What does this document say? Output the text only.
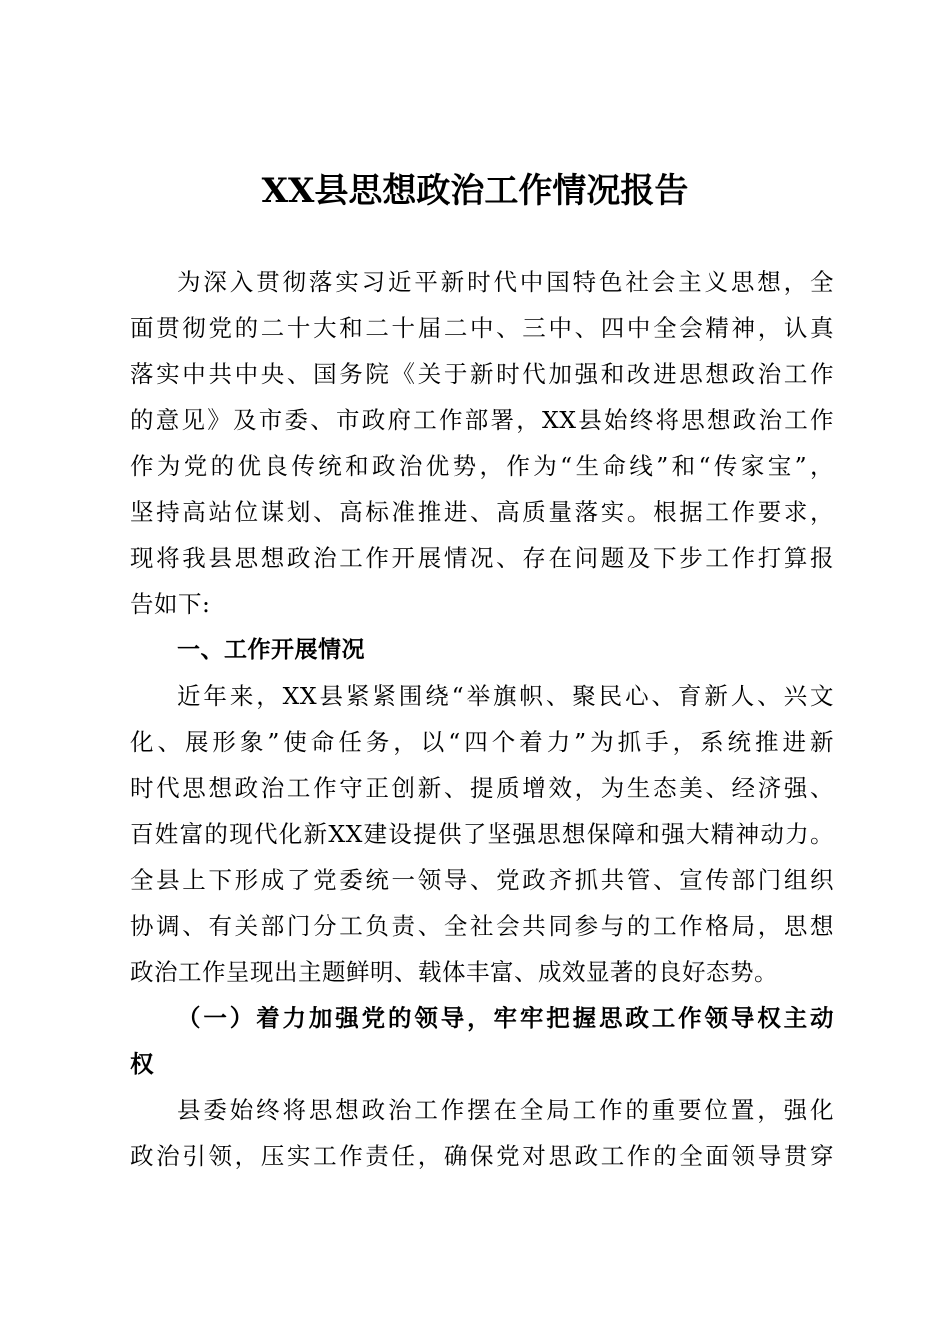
XX县思想政治工作情况报告
为深入贯彻落实习近平新时代中国特色社会主义思想，全
面贯彻党的二十大和二十届二中、三中、四中全会精神，认真
落实中共中央、国务院《关于新时代加强和改进思想政治工作
的意见》及市委、市政府工作部署，XX县始终将思想政治工作
作为党的优良传统和政治优势，作为“生命线”和“传家宝”，
坚持高站位谋划、高标准推进、高质量落实。根据工作要求，
现将我县思想政治工作开展情况、存在问题及下步工作打算报
告如下:
一、工作开展情况
近年来，XX县紧紧围绕“举旗帜、聚民心、育新人、兴文
化、展形象”使命任务，以“四个着力”为抓手，系统推进新
时代思想政治工作守正创新、提质增效，为生态美、经济强、
百姓富的现代化新XX建设提供了坚强思想保障和强大精神动力。
全县上下形成了党委统一领导、党政齐抓共管、宣传部门组织
协调、有关部门分工负责、全社会共同参与的工作格局，思想
政治工作呈现出主题鲜明、载体丰富、成效显著的良好态势。
（一）着力加强党的领导，牢牢把握思政工作领导权主动
权
县委始终将思想政治工作摆在全局工作的重要位置，强化
政治引领，压实工作责任，确保党对思政工作的全面领导贯穿
